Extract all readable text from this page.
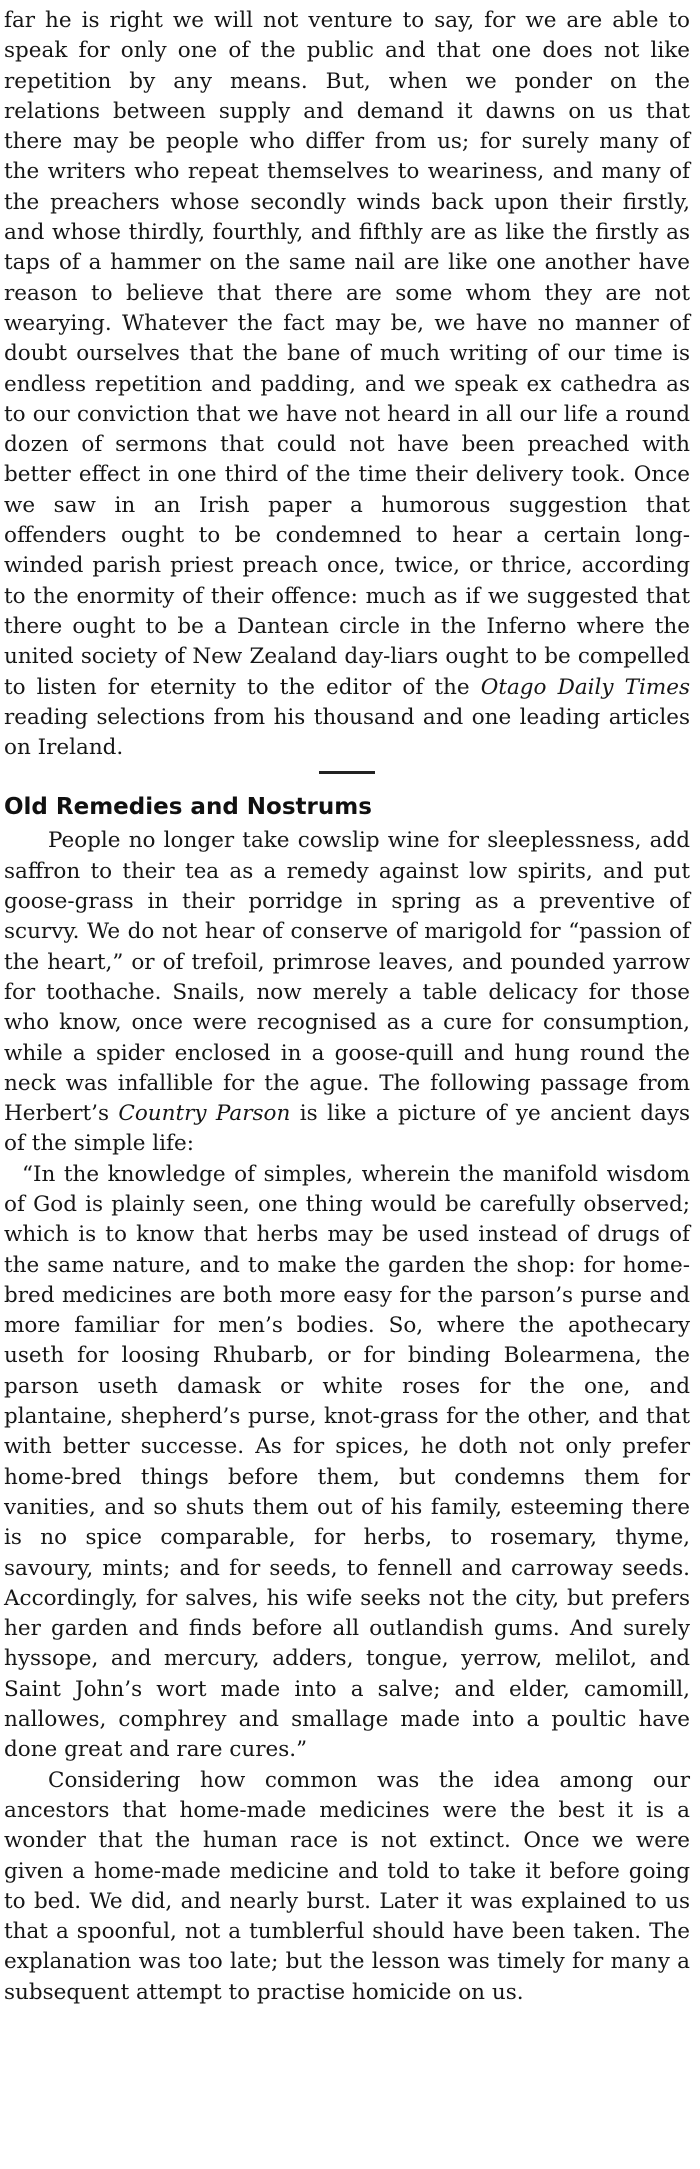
far he is right we will not venture to say, for we are able to speak for only one of the public and that one does not like repetition by any means. But, when we ponder on the relations between supply and demand it dawns on us that there may be people who differ from us; for surely many of the writers who repeat themselves to weariness, and many of the preachers whose secondly winds back upon their firstly, and whose thirdly, fourthly, and fifthly are as like the firstly as taps of a hammer on the same nail are like one another have reason to believe that there are some whom they are not wearying. Whatever the fact may be, we have no manner of doubt ourselves that the bane of much writing of our time is endless repetition and padding, and we speak ex cathedra as to our conviction that we have not heard in all our life a round dozen of sermons that could not have been preached with better effect in one third of the time their delivery took. Once we saw in an Irish paper a humorous suggestion that offenders ought to be condemned to hear a certain long-winded parish priest preach once, twice, or thrice, according to the enormity of their offence: much as if we suggested that there ought to be a Dantean circle in the Inferno where the united society of New Zealand day-liars ought to be compelled to listen for eternity to the editor of the Otago Daily Times reading selections from his thousand and one leading articles on Ireland.

Old Remedies and Nostrums

People no longer take cowslip wine for sleeplessness, add saffron to their tea as a remedy against low spirits, and put goose-grass in their porridge in spring as a preventive of scurvy. We do not hear of conserve of marigold for “passion of the heart,” or of trefoil, primrose leaves, and pounded yarrow for toothache. Snails, now merely a table delicacy for those who know, once were recognised as a cure for consumption, while a spider enclosed in a goose-quill and hung round the neck was infallible for the ague. The following passage from Herbert’s Country Parson is like a picture of ye ancient days of the simple life:

“In the knowledge of simples, wherein the manifold wisdom of God is plainly seen, one thing would be carefully observed; which is to know that herbs may be used instead of drugs of the same nature, and to make the garden the shop: for home-bred medicines are both more easy for the parson’s purse and more familiar for men’s bodies. So, where the apothecary useth for loosing Rhubarb, or for binding Bolearmena, the parson useth damask or white roses for the one, and plantaine, shepherd’s purse, knot-grass for the other, and that with better successe. As for spices, he doth not only prefer home-bred things before them, but condemns them for vanities, and so shuts them out of his family, esteeming there is no spice comparable, for herbs, to rosemary, thyme, savoury, mints; and for seeds, to fennell and carroway seeds. Accordingly, for salves, his wife seeks not the city, but prefers her garden and finds before all outlandish gums. And surely hyssope, and mercury, adders, tongue, yerrow, melilot, and Saint John’s wort made into a salve; and elder, camomill, nallowes, comphrey and smallage made into a poultic have done great and rare cures.”

Considering how common was the idea among our ancestors that home-made medicines were the best it is a wonder that the human race is not extinct. Once we were given a home-made medicine and told to take it before going to bed. We did, and nearly burst. Later it was explained to us that a spoonful, not a tumblerful should have been taken. The explanation was too late; but the lesson was timely for many a subsequent attempt to practise homicide on us.
